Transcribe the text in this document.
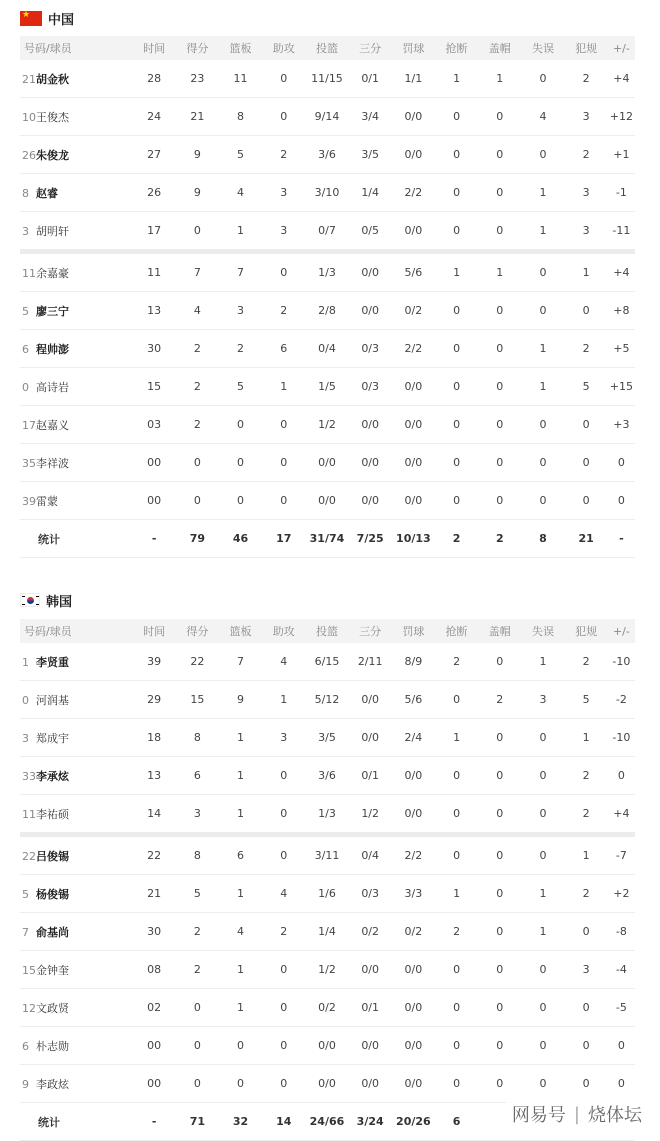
★ 中国
号码/球员	时间	得分	篮板	助攻	投篮	三分	罚球	抢断	盖帽	失误	犯规	+/-
21胡金秋	28	23	11	0	11/15	0/1	1/1	1	1	0	2	+4
10王俊杰	24	21	8	0	9/14	3/4	0/0	0	0	4	3	+12
26朱俊龙	27	9	5	2	3/6	3/5	0/0	0	0	0	2	+1
8 赵睿	26	9	4	3	3/10	1/4	2/2	0	0	1	3	-1
3 胡明轩	17	0	1	3	0/7	0/5	0/0	0	0	1	3	-11
11余嘉豪	11	7	7	0	1/3	0/0	5/6	1	1	0	1	+4
5 廖三宁	13	4	3	2	2/8	0/0	0/2	0	0	0	0	+8
6 程帅澎	30	2	2	6	0/4	0/3	2/2	0	0	1	2	+5
0 高诗岩	15	2	5	1	1/5	0/3	0/0	0	0	1	5	+15
17赵嘉义	03	2	0	0	1/2	0/0	0/0	0	0	0	0	+3
35李祥波	00	0	0	0	0/0	0/0	0/0	0	0	0	0	0
39雷蒙	00	0	0	0	0/0	0/0	0/0	0	0	0	0	0
统计	-	79	46	17	31/74	7/25	10/13	2	2	8	21	-
韩国
号码/球员	时间	得分	篮板	助攻	投篮	三分	罚球	抢断	盖帽	失误	犯规	+/-
1 李贤重	39	22	7	4	6/15	2/11	8/9	2	0	1	2	-10
0 河润基	29	15	9	1	5/12	0/0	5/6	0	2	3	5	-2
3 郑成宇	18	8	1	3	3/5	0/0	2/4	1	0	0	1	-10
33李承炫	13	6	1	0	3/6	0/1	0/0	0	0	0	2	0
11李祐硕	14	3	1	0	1/3	1/2	0/0	0	0	0	2	+4
22吕俊锡	22	8	6	0	3/11	0/4	2/2	0	0	0	1	-7
5 杨俊锡	21	5	1	4	1/6	0/3	3/3	1	0	1	2	+2
7 俞基尚	30	2	4	2	1/4	0/2	0/2	2	0	1	0	-8
15金钟奎	08	2	1	0	1/2	0/0	0/0	0	0	0	3	-4
12文政贤	02	0	1	0	0/2	0/1	0/0	0	0	0	0	-5
6 朴志勋	00	0	0	0	0/0	0/0	0/0	0	0	0	0	0
9 李政炫	00	0	0	0	0/0	0/0	0/0	0	0	0	0	0
统计	-	71	32	14	24/66	3/24	20/26	6					网易号 | 烧体坛
